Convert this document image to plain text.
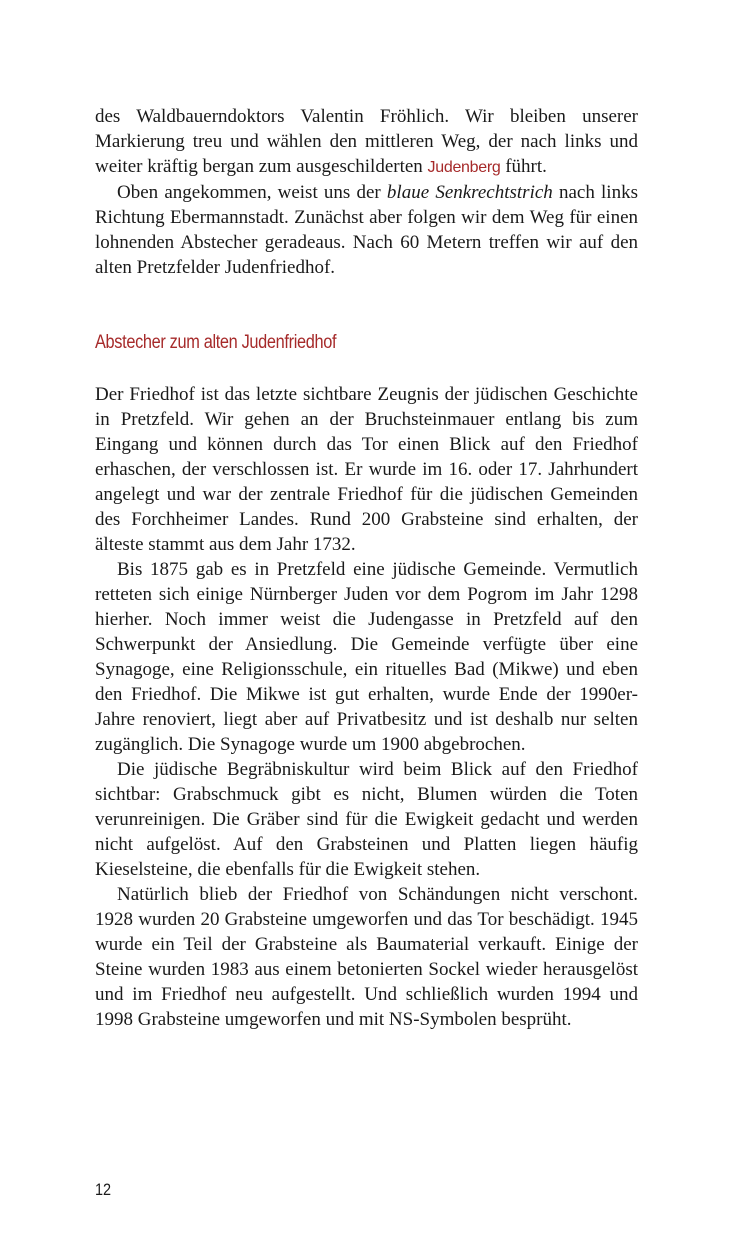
des Waldbauerndoktors Valentin Fröhlich. Wir bleiben unserer Markierung treu und wählen den mittleren Weg, der nach links und weiter kräftig bergan zum ausgeschilderten Judenberg führt.

Oben angekommen, weist uns der blaue Senkrechtstrich nach links Richtung Ebermannstadt. Zunächst aber folgen wir dem Weg für einen lohnenden Abstecher geradeaus. Nach 60 Metern treffen wir auf den alten Pretzfelder Judenfriedhof.

Abstecher zum alten Judenfriedhof

Der Friedhof ist das letzte sichtbare Zeugnis der jüdischen Geschichte in Pretzfeld. Wir gehen an der Bruchsteinmauer entlang bis zum Eingang und können durch das Tor einen Blick auf den Friedhof erhaschen, der verschlossen ist. Er wurde im 16. oder 17. Jahrhundert angelegt und war der zentrale Friedhof für die jüdischen Gemeinden des Forchheimer Landes. Rund 200 Grabsteine sind erhalten, der älteste stammt aus dem Jahr 1732.

Bis 1875 gab es in Pretzfeld eine jüdische Gemeinde. Vermutlich retteten sich einige Nürnberger Juden vor dem Pogrom im Jahr 1298 hierher. Noch immer weist die Judengasse in Pretzfeld auf den Schwerpunkt der Ansiedlung. Die Gemeinde verfügte über eine Synagoge, eine Religionsschule, ein rituelles Bad (Mikwe) und eben den Friedhof. Die Mikwe ist gut erhalten, wurde Ende der 1990er-Jahre renoviert, liegt aber auf Privatbesitz und ist deshalb nur selten zugänglich. Die Synagoge wurde um 1900 abgebrochen.

Die jüdische Begräbniskultur wird beim Blick auf den Friedhof sichtbar: Grabschmuck gibt es nicht, Blumen würden die Toten verunreinigen. Die Gräber sind für die Ewigkeit gedacht und werden nicht aufgelöst. Auf den Grabsteinen und Platten liegen häufig Kieselsteine, die ebenfalls für die Ewigkeit stehen.

Natürlich blieb der Friedhof von Schändungen nicht verschont. 1928 wurden 20 Grabsteine umgeworfen und das Tor beschädigt. 1945 wurde ein Teil der Grabsteine als Baumaterial verkauft. Einige der Steine wurden 1983 aus einem betonierten Sockel wieder herausgelöst und im Friedhof neu aufgestellt. Und schließlich wurden 1994 und 1998 Grabsteine umgeworfen und mit NS-Symbolen besprüht.

12
